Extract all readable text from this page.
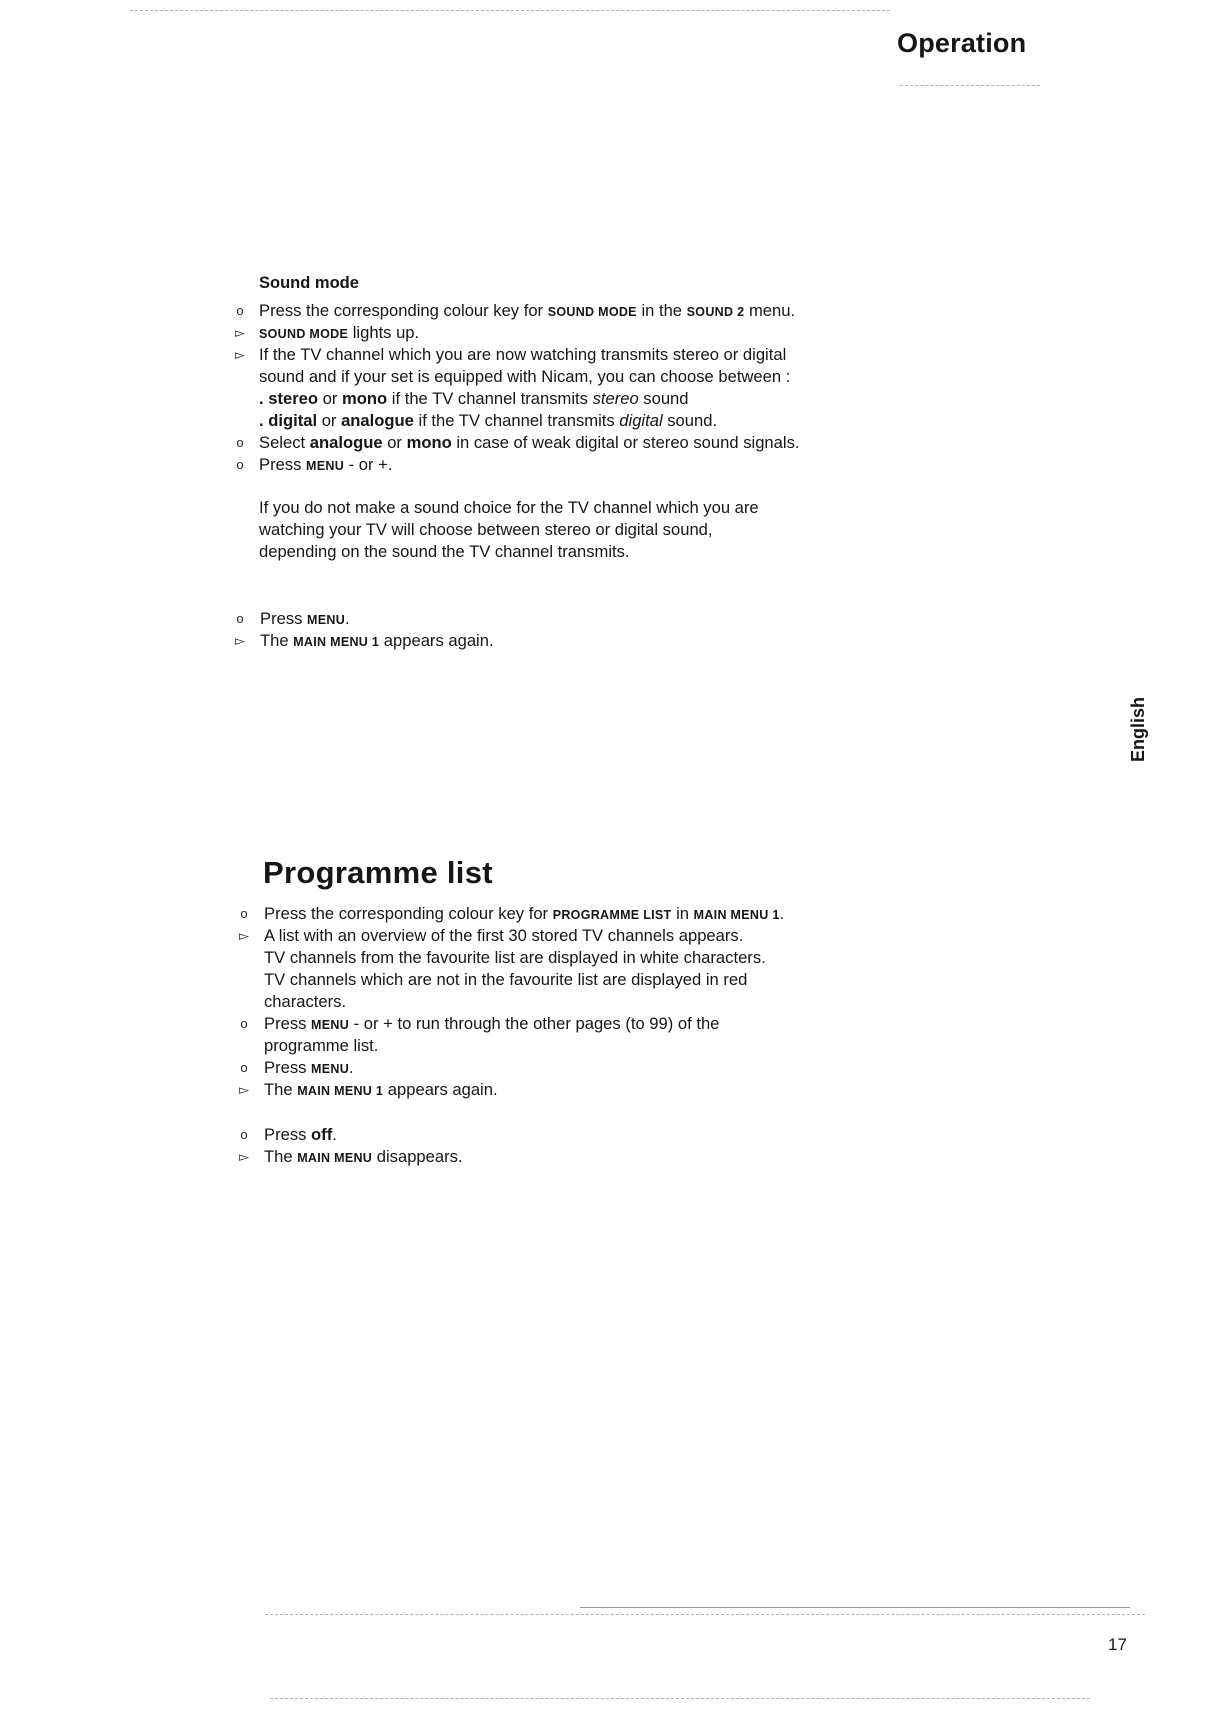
Operation
English
Sound mode
o Press the corresponding colour key for SOUND MODE in the SOUND 2 menu.
▻ SOUND MODE lights up.
▻ If the TV channel which you are now watching transmits stereo or digital
sound and if your set is equipped with Nicam, you can choose between :
. stereo or mono if the TV channel transmits stereo sound
. digital or analogue if the TV channel transmits digital sound.
o Select analogue or mono in case of weak digital or stereo sound signals.
o Press MENU - or +.
If you do not make a sound choice for the TV channel which you are
watching your TV will choose between stereo or digital sound,
depending on the sound the TV channel transmits.
o Press MENU.
▻ The MAIN MENU 1 appears again.
Programme list
o Press the corresponding colour key for PROGRAMME LIST in MAIN MENU 1.
▻ A list with an overview of the first 30 stored TV channels appears.
TV channels from the favourite list are displayed in white characters.
TV channels which are not in the favourite list are displayed in red
characters.
o Press MENU - or + to run through the other pages (to 99) of the
programme list.
o Press MENU.
▻ The MAIN MENU 1 appears again.
o Press off.
▻ The MAIN MENU disappears.
17
